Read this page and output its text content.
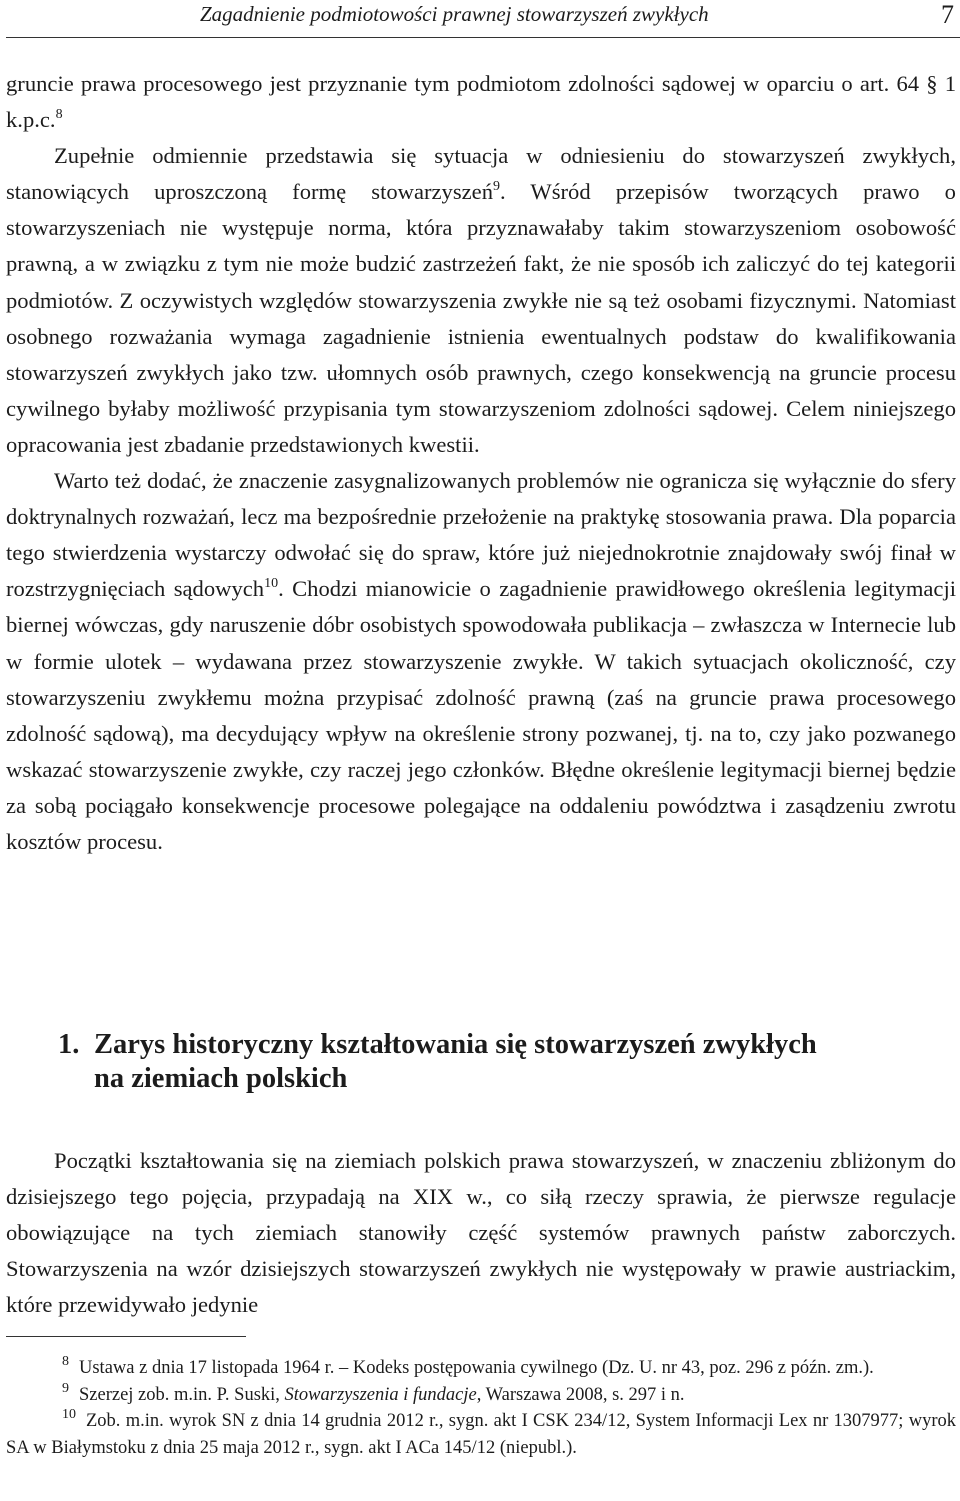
Zagadnienie podmiotowości prawnej stowarzyszeń zwykłych	7

gruncie prawa procesowego jest przyznanie tym podmiotom zdolności sądowej w oparciu o art. 64 § 1 k.p.c.$^8$

Zupełnie odmiennie przedstawia się sytuacja w odniesieniu do stowarzyszeń zwykłych, stanowiących uproszczoną formę stowarzyszeń$^9$. Wśród przepisów tworzących prawo o stowarzyszeniach nie występuje norma, która przyznawałaby takim stowarzyszeniom osobowość prawną, a w związku z tym nie może budzić zastrzeżeń fakt, że nie sposób ich zaliczyć do tej kategorii podmiotów. Z oczywistych względów stowarzyszenia zwykłe nie są też osobami fizycznymi. Natomiast osobnego rozważania wymaga zagadnienie istnienia ewentualnych podstaw do kwalifikowania stowarzyszeń zwykłych jako tzw. ułomnych osób prawnych, czego konsekwencją na gruncie procesu cywilnego byłaby możliwość przypisania tym stowarzyszeniom zdolności sądowej. Celem niniejszego opracowania jest zbadanie przedstawionych kwestii.

Warto też dodać, że znaczenie zasygnalizowanych problemów nie ogranicza się wyłącznie do sfery doktrynalnych rozważań, lecz ma bezpośrednie przełożenie na praktykę stosowania prawa. Dla poparcia tego stwierdzenia wystarczy odwołać się do spraw, które już niejednokrotnie znajdowały swój finał w rozstrzygnięciach sądowych$^{10}$. Chodzi mianowicie o zagadnienie prawidłowego określenia legitymacji biernej wówczas, gdy naruszenie dóbr osobistych spowodowała publikacja – zwłaszcza w Internecie lub w formie ulotek – wydawana przez stowarzyszenie zwykłe. W takich sytuacjach okoliczność, czy stowarzyszeniu zwykłemu można przypisać zdolność prawną (zaś na gruncie prawa procesowego zdolność sądową), ma decydujący wpływ na określenie strony pozwanej, tj. na to, czy jako pozwanego wskazać stowarzyszenie zwykłe, czy raczej jego członków. Błędne określenie legitymacji biernej będzie za sobą pociągało konsekwencje procesowe polegające na oddaleniu powództwa i zasądzeniu zwrotu kosztów procesu.

1. Zarys historyczny kształtowania się stowarzyszeń zwykłych
na ziemiach polskich

Początki kształtowania się na ziemiach polskich prawa stowarzyszeń, w znaczeniu zbliżonym do dzisiejszego tego pojęcia, przypadają na XIX w., co siłą rzeczy sprawia, że pierwsze regulacje obowiązujące na tych ziemiach stanowiły część systemów prawnych państw zaborczych. Stowarzyszenia na wzór dzisiejszych stowarzyszeń zwykłych nie występowały w prawie austriackim, które przewidywało jedynie

$^8$ Ustawa z dnia 17 listopada 1964 r. – Kodeks postępowania cywilnego (Dz. U. nr 43, poz. 296 z późn. zm.).

$^9$ Szerzej zob. m.in. P. Suski, Stowarzyszenia i fundacje, Warszawa 2008, s. 297 i n.

$^{10}$ Zob. m.in. wyrok SN z dnia 14 grudnia 2012 r., sygn. akt I CSK 234/12, System Informacji Lex nr 1307977; wyrok SA w Białymstoku z dnia 25 maja 2012 r., sygn. akt I ACa 145/12 (niepubl.).
